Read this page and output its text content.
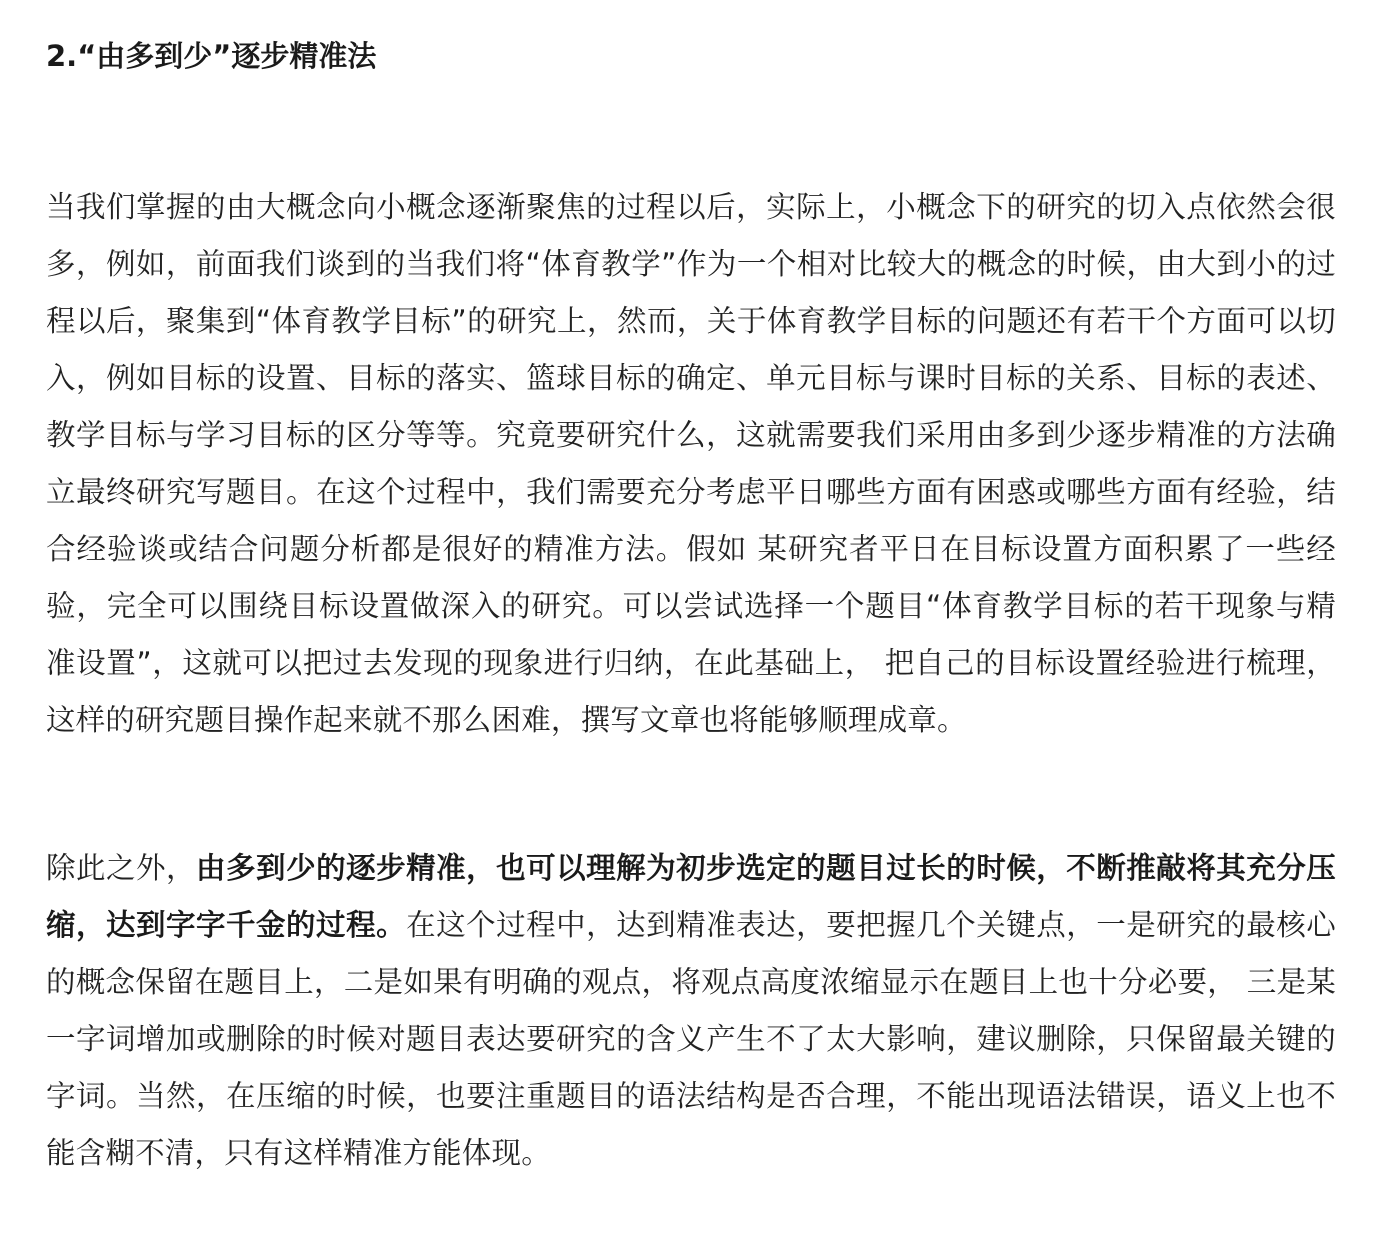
2.“由多到少”逐步精准法

当我们掌握的由大概念向小概念逐渐聚焦的过程以后，实际上，小概念下的研究的切入点依然会很多，例如，前面我们谈到的当我们将“体育教学”作为一个相对比较大的概念的时候，由大到小的过程以后，聚集到“体育教学目标”的研究上，然而，关于体育教学目标的问题还有若干个方面可以切入，例如目标的设置、目标的落实、篮球目标的确定、单元目标与课时目标的关系、目标的表述、教学目标与学习目标的区分等等。究竟要研究什么，这就需要我们采用由多到少逐步精准的方法确立最终研究写题目。在这个过程中，我们需要充分考虑平日哪些方面有困惑或哪些方面有经验，结合经验谈或结合问题分析都是很好的精准方法。假如 某研究者平日在目标设置方面积累了一些经验，完全可以围绕目标设置做深入的研究。可以尝试选择一个题目“体育教学目标的若干现象与精准设置”，这就可以把过去发现的现象进行归纳，在此基础上， 把自己的目标设置经验进行梳理，这样的研究题目操作起来就不那么困难，撰写文章也将能够顺理成章。

除此之外，由多到少的逐步精准，也可以理解为初步选定的题目过长的时候，不断推敲将其充分压缩，达到字字千金的过程。在这个过程中，达到精准表达，要把握几个关键点，一是研究的最核心的概念保留在题目上，二是如果有明确的观点，将观点高度浓缩显示在题目上也十分必要， 三是某一字词增加或删除的时候对题目表达要研究的含义产生不了太大影响，建议删除，只保留最关键的字词。当然，在压缩的时候，也要注重题目的语法结构是否合理，不能出现语法错误，语义上也不能含糊不清，只有这样精准方能体现。
